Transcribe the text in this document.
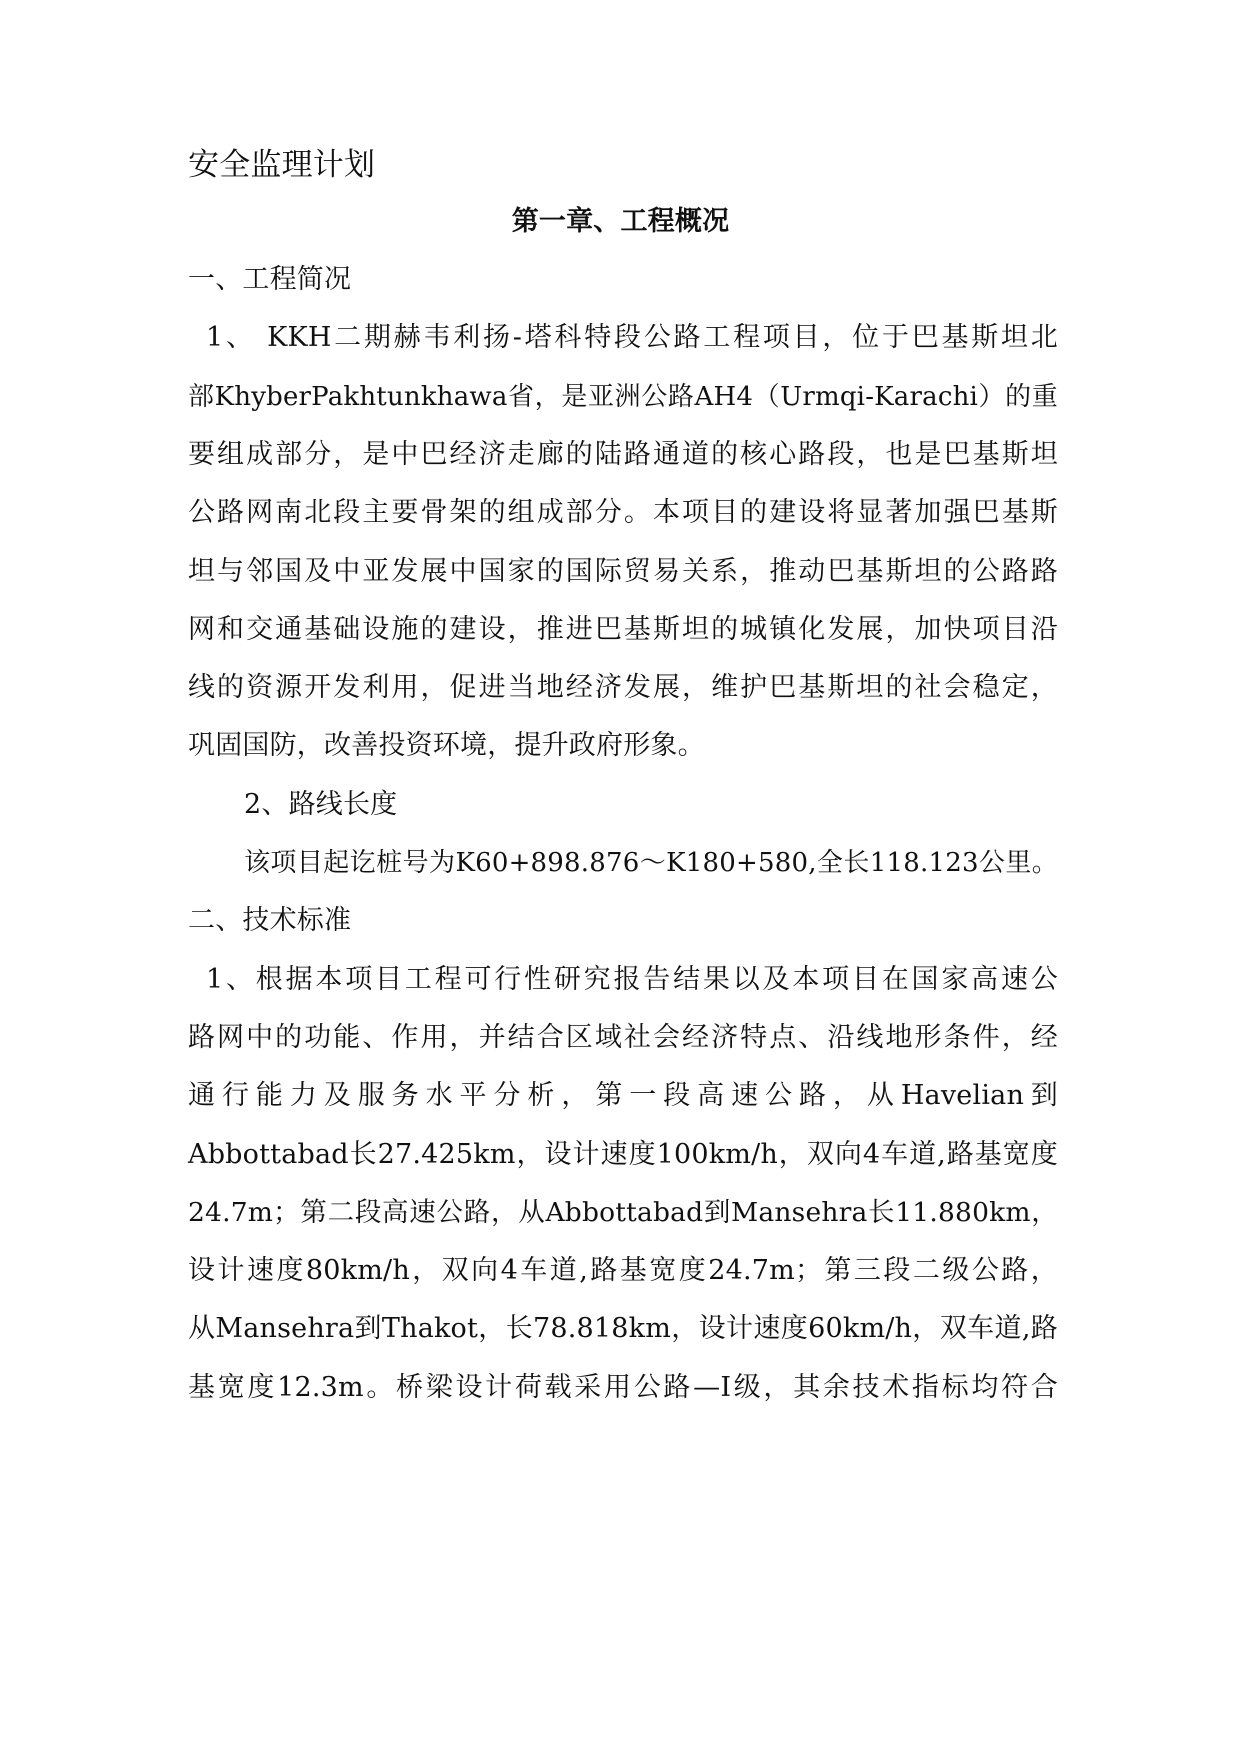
安全监理计划
第一章、工程概况
一、工程简况
1、 KKH二期赫韦利扬-塔科特段公路工程项目，位于巴基斯坦北
部KhyberPakhtunkhawa省，是亚洲公路AH4（Urmqi-Karachi）的重
要组成部分，是中巴经济走廊的陆路通道的核心路段，也是巴基斯坦
公路网南北段主要骨架的组成部分。本项目的建设将显著加强巴基斯
坦与邻国及中亚发展中国家的国际贸易关系，推动巴基斯坦的公路路
网和交通基础设施的建设，推进巴基斯坦的城镇化发展，加快项目沿
线的资源开发利用，促进当地经济发展，维护巴基斯坦的社会稳定，
巩固国防，改善投资环境，提升政府形象。
2、路线长度
该项目起讫桩号为K60+898.876～K180+580,全长118.123公里。
二、技术标准
1、根据本项目工程可行性研究报告结果以及本项目在国家高速公
路网中的功能、作用，并结合区域社会经济特点、沿线地形条件，经
通行能力及服务水平分析，第一段高速公路，从Havelian到
Abbottabad长27.425km，设计速度100km/h，双向4车道,路基宽度
24.7m；第二段高速公路，从Abbottabad到Mansehra长11.880km，
设计速度80km/h，双向4车道,路基宽度24.7m；第三段二级公路，
从Mansehra到Thakot，长78.818km，设计速度60km/h，双车道,路
基宽度12.3m。桥梁设计荷载采用公路—I级，其余技术指标均符合
